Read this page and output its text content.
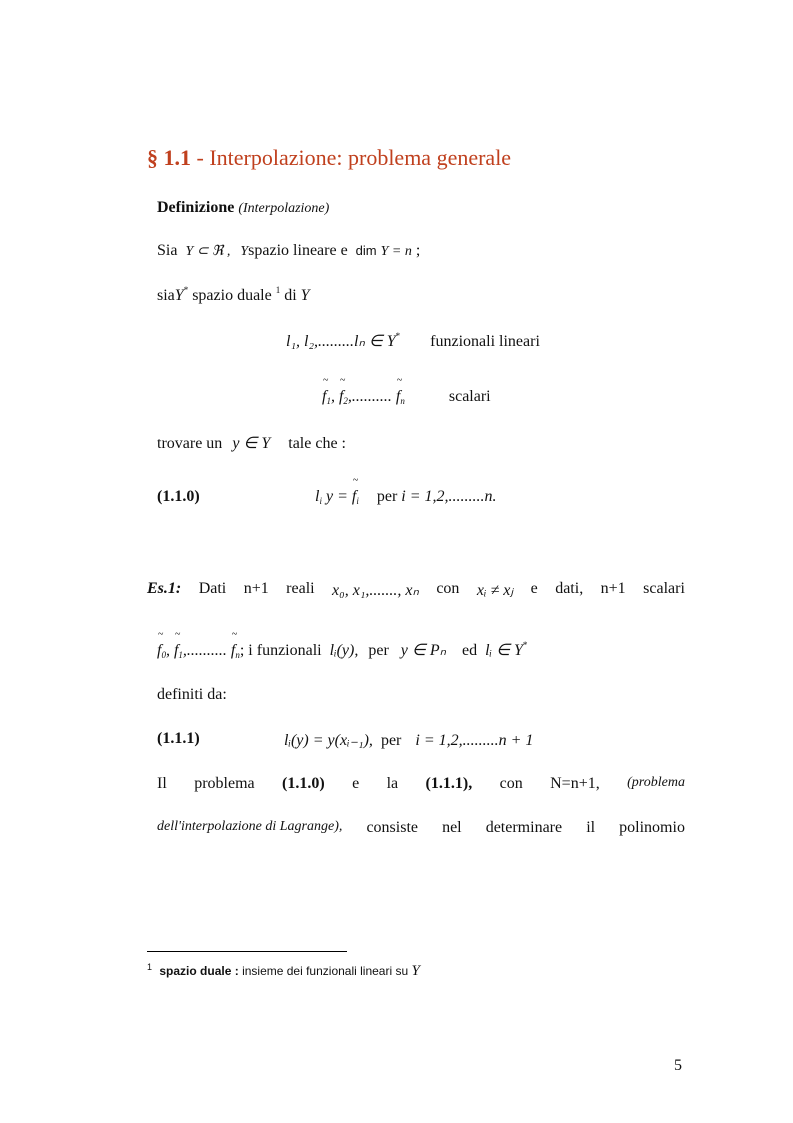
§ 1.1 - Interpolazione: problema generale
Definizione (Interpolazione)
Sia Y ⊂ ℜ , Yspazio lineare e dim Y = n ;
siaY* spazio duale $^1$ di Y
l₁, l₂,.........lₙ ∈ Y* funzionali lineari
~ $f_1$, ~ $f_2$,.......... ~ $f_n$	scalari
trovare un y ∈ Y tale che :
(1.1.0)	$l_i$ y = ~ $f_i$ per i = 1,2,.........n.
Es.1: Dati n+1 reali x₀, x₁,......., xₙ con xᵢ ≠ xⱼ e dati, n+1 scalari
~ $f_0$, ~ $f_1$,.......... ~ $f_n$; i funzionali lᵢ(y), per y ∈ Pₙ ed lᵢ ∈ Y*
definiti da:
(1.1.1)	lᵢ(y) = y(xᵢ₋₁), per i = 1,2,.........n + 1
Il problema (1.1.0) e la (1.1.1), con N=n+1, (problema
dell'interpolazione di Lagrange), consiste nel determinare il polinomio
$^1$ spazio duale : insieme dei funzionali lineari su Y
5
